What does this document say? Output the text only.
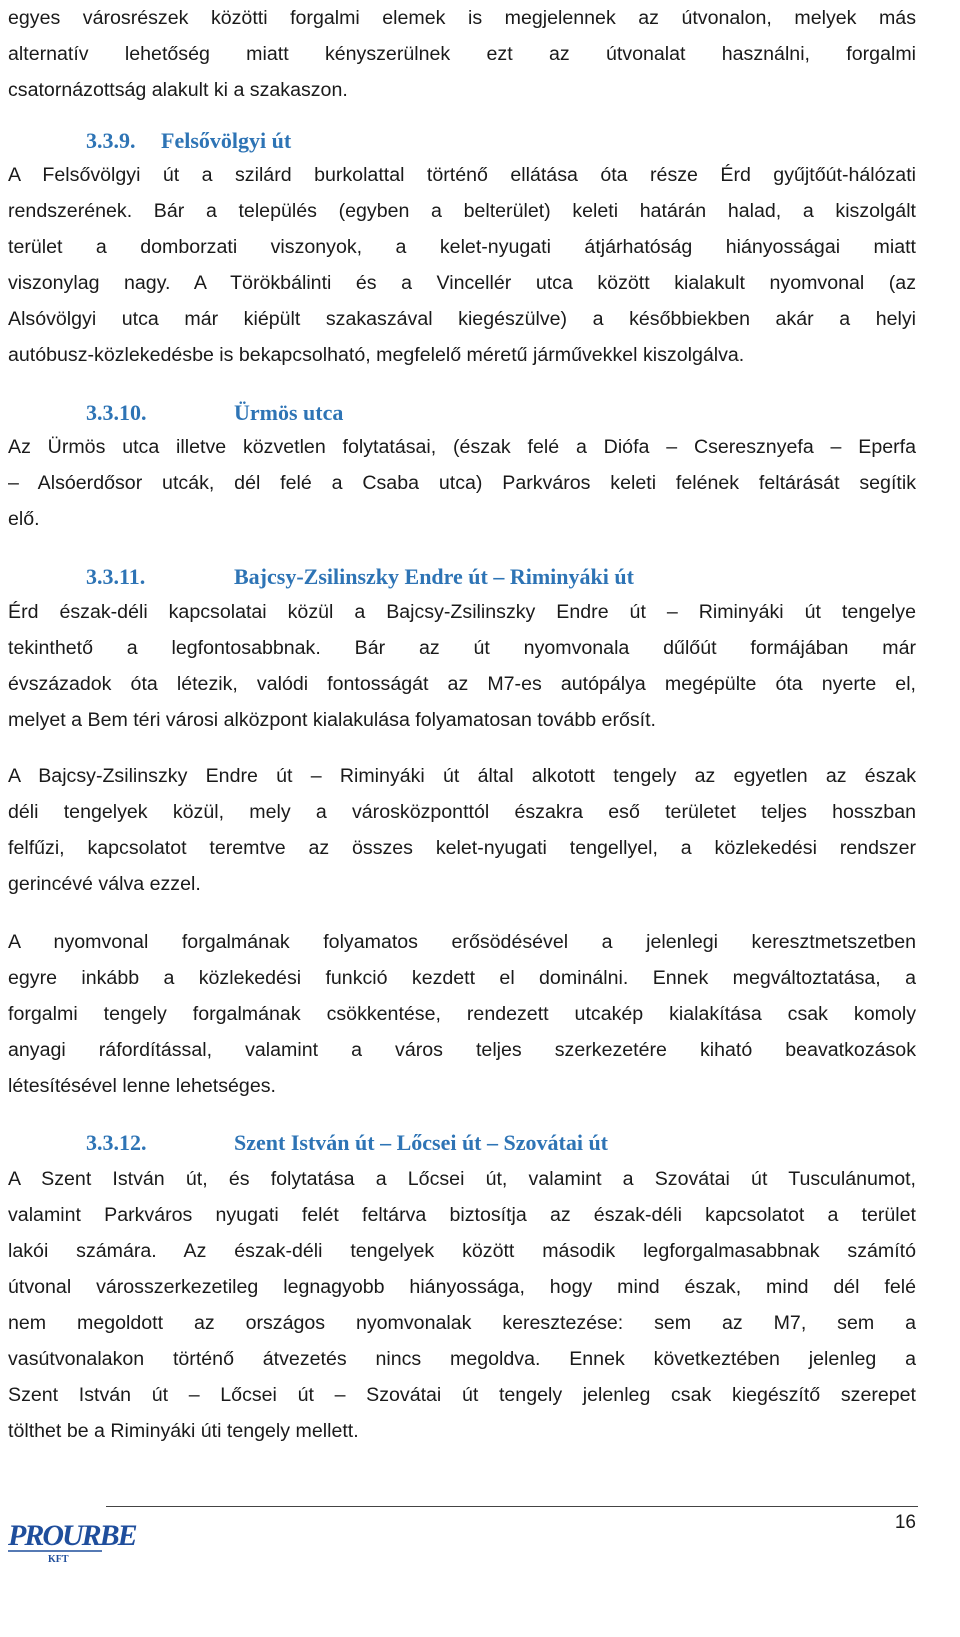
egyes városrészek közötti forgalmi elemek is megjelennek az útvonalon, melyek más
alternatív lehetőség miatt kényszerülnek ezt az útvonalat használni, forgalmi
csatornázottság alakult ki a szakaszon.
3.3.9. Felsővölgyi út
A Felsővölgyi út a szilárd burkolattal történő ellátása óta része Érd gyűjtőút-hálózati
rendszerének. Bár a település (egyben a belterület) keleti határán halad, a kiszolgált
terület a domborzati viszonyok, a kelet-nyugati átjárhatóság hiányosságai miatt
viszonylag nagy. A Törökbálinti és a Vincellér utca között kialakult nyomvonal (az
Alsóvölgyi utca már kiépült szakaszával kiegészülve) a későbbiekben akár a helyi
autóbusz-közlekedésbe is bekapcsolható, megfelelő méretű járművekkel kiszolgálva.
3.3.10.	Ürmös utca
Az Ürmös utca illetve közvetlen folytatásai, (észak felé a Diófa – Cseresznyefa – Eperfa
– Alsóerdősor utcák, dél felé a Csaba utca) Parkváros keleti felének feltárását segítik
elő.
3.3.11.	Bajcsy-Zsilinszky Endre út – Riminyáki út
Érd észak-déli kapcsolatai közül a Bajcsy-Zsilinszky Endre út – Riminyáki út tengelye
tekinthető a legfontosabbnak. Bár az út nyomvonala dűlőút formájában már
évszázadok óta létezik, valódi fontosságát az M7-es autópálya megépülte óta nyerte el,
melyet a Bem téri városi alközpont kialakulása folyamatosan tovább erősít.
A Bajcsy-Zsilinszky Endre út – Riminyáki út által alkotott tengely az egyetlen az észak
déli tengelyek közül, mely a városközponttól északra eső területet teljes hosszban
felfűzi, kapcsolatot teremtve az összes kelet-nyugati tengellyel, a közlekedési rendszer
gerincévé válva ezzel.
A nyomvonal forgalmának folyamatos erősödésével a jelenlegi keresztmetszetben
egyre inkább a közlekedési funkció kezdett el dominálni. Ennek megváltoztatása, a
forgalmi tengely forgalmának csökkentése, rendezett utcakép kialakítása csak komoly
anyagi ráfordítással, valamint a város teljes szerkezetére kiható beavatkozások
létesítésével lenne lehetséges.
3.3.12.	Szent István út – Lőcsei út – Szovátai út
A Szent István út, és folytatása a Lőcsei út, valamint a Szovátai út Tusculánumot,
valamint Parkváros nyugati felét feltárva biztosítja az észak-déli kapcsolatot a terület
lakói számára. Az észak-déli tengelyek között második legforgalmasabbnak számító
útvonal városszerkezetileg legnagyobb hiányossága, hogy mind észak, mind dél felé
nem megoldott az országos nyomvonalak keresztezése: sem az M7, sem a
vasútvonalakon történő átvezetés nincs megoldva. Ennek következtében jelenleg a
Szent István út – Lőcsei út – Szovátai út tengely jelenleg csak kiegészítő szerepet
tölthet be a Riminyáki úti tengely mellett.
PROURBE
KFT
16
